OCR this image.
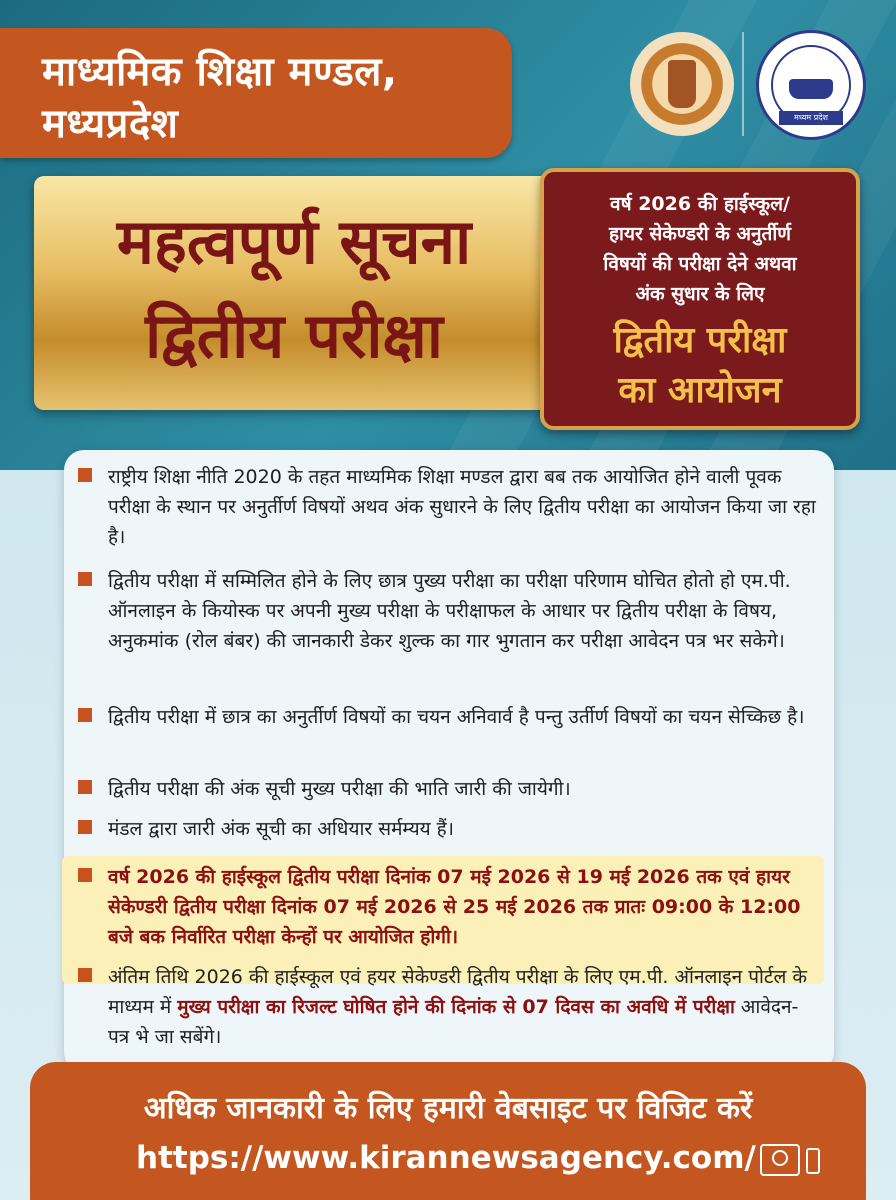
माध्यमिक शिक्षा मण्डल,
मध्यप्रदेश	मध्यम प्रदेश
महत्वपूर्ण सूचना
द्वितीय परीक्षा
वर्ष 2026 की हाईस्कूल/
हायर सेकेण्डरी के अनुर्तीर्ण
विषयों की परीक्षा देने अथवा
अंक सुधार के लिए
द्वितीय परीक्षा
का आयोजन
राष्ट्रीय शिक्षा नीति 2020 के तहत माध्यमिक शिक्षा मण्डल द्वारा बब तक आयोजित होने वाली पूवक परीक्षा के स्थान पर अनुर्तीर्ण विषयों अथव अंक सुधारने के लिए द्वितीय परीक्षा का आयोजन किया जा रहा है।
द्वितीय परीक्षा में सम्मिलित होने के लिए छात्र पुख्य परीक्षा का परीक्षा परिणाम घोचित होतो हो एम.पी. ऑनलाइन के कियोस्क पर अपनी मुख्य परीक्षा के परीक्षाफल के आधार पर द्वितीय परीक्षा के विषय, अनुकमांक (रोल बंबर) की जानकारी डेकर शुल्क का गार भुगतान कर परीक्षा आवेदन पत्र भर सकेगे।
द्वितीय परीक्षा में छात्र का अनुर्तीर्ण विषयों का चयन अनिवार्व है पन्तु उर्तीर्ण विषयों का चयन सेच्किछ है।
द्वितीय परीक्षा की अंक सूची मुख्य परीक्षा की भाति जारी की जायेगी।
मंडल द्वारा जारी अंक सूची का अधियार सर्मम्यय हैं।
वर्ष 2026 की हाईस्कूल द्वितीय परीक्षा दिनांक 07 मई 2026 से 19 मई 2026 तक एवं हायर सेकेण्डरी द्वितीय परीक्षा दिनांक 07 मई 2026 से 25 मई 2026 तक प्रातः 09:00 के 12:00 बजे बक निर्वारित परीक्षा केन्हों पर आयोजित होगी।
अंतिम तिथि 2026 की हाईस्कूल एवं हयर सेकेण्डरी द्वितीय परीक्षा के लिए एम.पी. ऑनलाइन पोर्टल के माध्यम में मुख्य परीक्षा का रिजल्ट घोषित होने की दिनांक से 07 दिवस का अवधि में परीक्षा आवेदन-पत्र भे जा सबेंगे।
अधिक जानकारी के लिए हमारी वेबसाइट पर विजिट करें
https://www.kirannewsagency.com/
